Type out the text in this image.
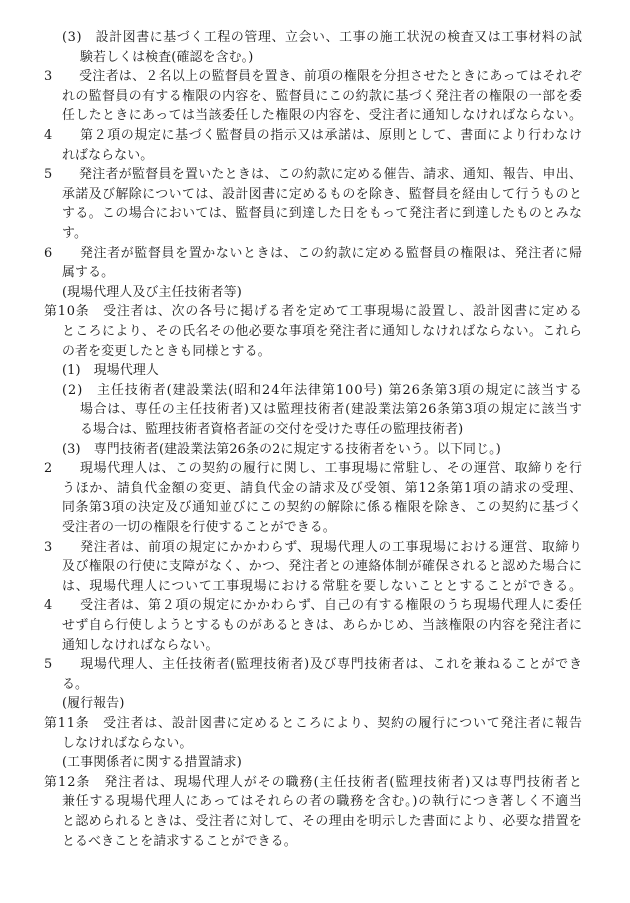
(3)　設計図書に基づく工程の管理、立会い、工事の施工状況の検査又は工事材料の試

験若しくは検査(確認を含む。)

3　　受注者は、２名以上の監督員を置き、前項の権限を分担させたときにあってはそれぞ

れの監督員の有する権限の内容を、監督員にこの約款に基づく発注者の権限の一部を委

任したときにあっては当該委任した権限の内容を、受注者に通知しなければならない。

4　　第２項の規定に基づく監督員の指示又は承諾は、原則として、書面により行わなけ

ればならない。

5　　発注者が監督員を置いたときは、この約款に定める催告、請求、通知、報告、申出、

承諾及び解除については、設計図書に定めるものを除き、監督員を経由して行うものと

する。この場合においては、監督員に到達した日をもって発注者に到達したものとみな

す。

6　　発注者が監督員を置かないときは、この約款に定める監督員の権限は、発注者に帰

属する。

(現場代理人及び主任技術者等)

第10条　受注者は、次の各号に掲げる者を定めて工事現場に設置し、設計図書に定める

ところにより、その氏名その他必要な事項を発注者に通知しなければならない。これら

の者を変更したときも同様とする。

(1)　現場代理人

(2)　主任技術者(建設業法(昭和24年法律第100号) 第26条第3項の規定に該当する

場合は、専任の主任技術者)又は監理技術者(建設業法第26条第3項の規定に該当す

る場合は、監理技術者資格者証の交付を受けた専任の監理技術者)

(3)　専門技術者(建設業法第26条の2に規定する技術者をいう。以下同じ。)

2　　現場代理人は、この契約の履行に関し、工事現場に常駐し、その運営、取締りを行

うほか、請負代金額の変更、請負代金の請求及び受領、第12条第1項の請求の受理、

同条第3項の決定及び通知並びにこの契約の解除に係る権限を除き、この契約に基づく

受注者の一切の権限を行使することができる。

3　　発注者は、前項の規定にかかわらず、現場代理人の工事現場における運営、取締り

及び権限の行使に支障がなく、かつ、発注者との連絡体制が確保されると認めた場合に

は、現場代理人について工事現場における常駐を要しないこととすることができる。

4　　受注者は、第２項の規定にかかわらず、自己の有する権限のうち現場代理人に委任

せず自ら行使しようとするものがあるときは、あらかじめ、当該権限の内容を発注者に

通知しなければならない。

5　　現場代理人、主任技術者(監理技術者)及び専門技術者は、これを兼ねることができ

る。

(履行報告)

第11条　受注者は、設計図書に定めるところにより、契約の履行について発注者に報告

しなければならない。

(工事関係者に関する措置請求)

第12条　発注者は、現場代理人がその職務(主任技術者(監理技術者)又は専門技術者と

兼任する現場代理人にあってはそれらの者の職務を含む。)の執行につき著しく不適当

と認められるときは、受注者に対して、その理由を明示した書面により、必要な措置を

とるべきことを請求することができる。
